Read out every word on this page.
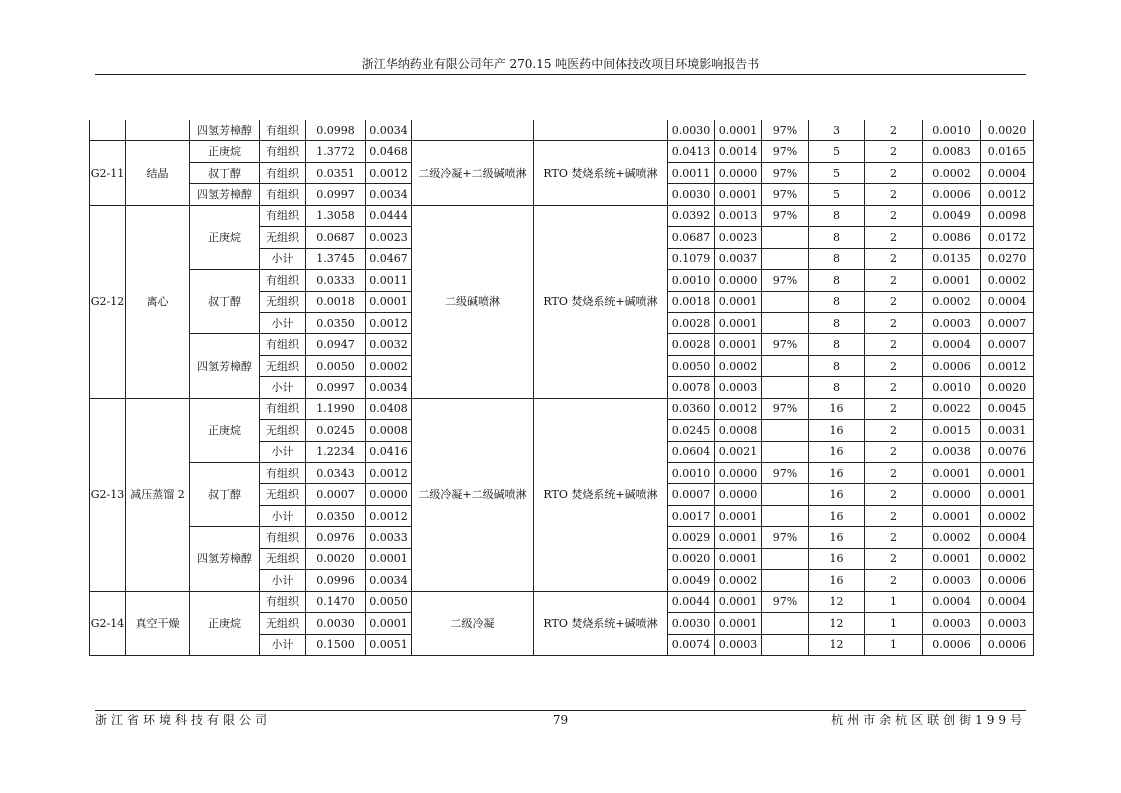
浙江华纳药业有限公司年产 270.15 吨医药中间体技改项目环境影响报告书
		四氢芳樟醇	有组织	0.0998	0.0034			0.0030	0.0001	97%	3	2	0.0010	0.0020
G2-11	结晶	正庚烷	有组织	1.3772	0.0468	二级冷凝+二级碱喷淋	RTO 焚烧系统+碱喷淋	0.0413	0.0014	97%	5	2	0.0083	0.0165
		叔丁醇	有组织	0.0351	0.0012			0.0011	0.0000	97%	5	2	0.0002	0.0004
		四氢芳樟醇	有组织	0.0997	0.0034			0.0030	0.0001	97%	5	2	0.0006	0.0012
G2-12	离心	正庚烷	有组织	1.3058	0.0444	二级碱喷淋	RTO 焚烧系统+碱喷淋	0.0392	0.0013	97%	8	2	0.0049	0.0098
			无组织	0.0687	0.0023			0.0687	0.0023		8	2	0.0086	0.0172
			小计	1.3745	0.0467			0.1079	0.0037		8	2	0.0135	0.0270
		叔丁醇	有组织	0.0333	0.0011			0.0010	0.0000	97%	8	2	0.0001	0.0002
			无组织	0.0018	0.0001			0.0018	0.0001		8	2	0.0002	0.0004
			小计	0.0350	0.0012			0.0028	0.0001		8	2	0.0003	0.0007
		四氢芳樟醇	有组织	0.0947	0.0032			0.0028	0.0001	97%	8	2	0.0004	0.0007
			无组织	0.0050	0.0002			0.0050	0.0002		8	2	0.0006	0.0012
			小计	0.0997	0.0034			0.0078	0.0003		8	2	0.0010	0.0020
G2-13	减压蒸馏 2	正庚烷	有组织	1.1990	0.0408	二级冷凝+二级碱喷淋	RTO 焚烧系统+碱喷淋	0.0360	0.0012	97%	16	2	0.0022	0.0045
			无组织	0.0245	0.0008			0.0245	0.0008		16	2	0.0015	0.0031
			小计	1.2234	0.0416			0.0604	0.0021		16	2	0.0038	0.0076
		叔丁醇	有组织	0.0343	0.0012			0.0010	0.0000	97%	16	2	0.0001	0.0001
			无组织	0.0007	0.0000			0.0007	0.0000		16	2	0.0000	0.0001
			小计	0.0350	0.0012			0.0017	0.0001		16	2	0.0001	0.0002
		四氢芳樟醇	有组织	0.0976	0.0033			0.0029	0.0001	97%	16	2	0.0002	0.0004
			无组织	0.0020	0.0001			0.0020	0.0001		16	2	0.0001	0.0002
			小计	0.0996	0.0034			0.0049	0.0002		16	2	0.0003	0.0006
G2-14	真空干燥	正庚烷	有组织	0.1470	0.0050	二级冷凝	RTO 焚烧系统+碱喷淋	0.0044	0.0001	97%	12	1	0.0004	0.0004
			无组织	0.0030	0.0001			0.0030	0.0001		12	1	0.0003	0.0003
			小计	0.1500	0.0051			0.0074	0.0003		12	1	0.0006	0.0006
浙江省环境科技有限公司	79	杭州市余杭区联创街199号
